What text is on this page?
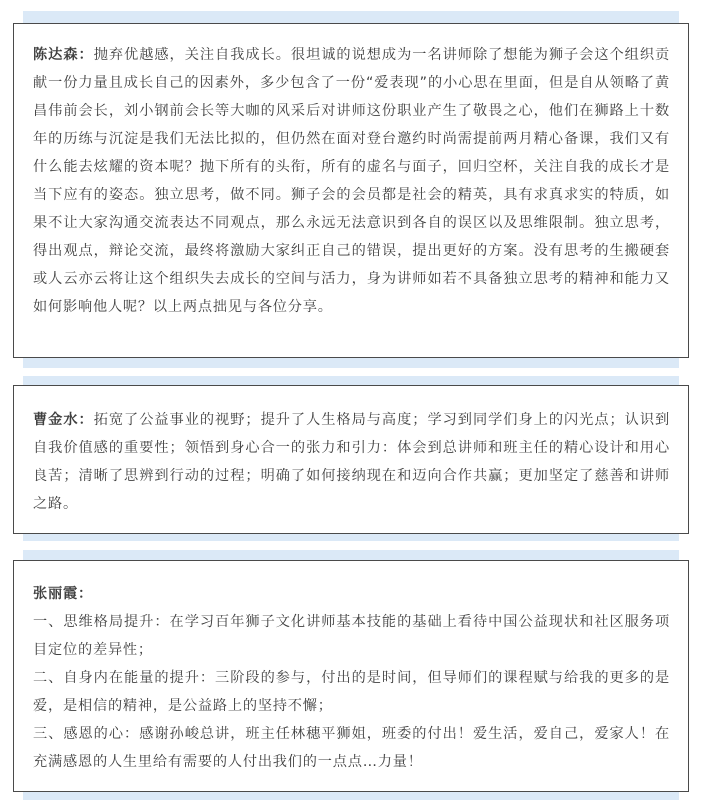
陈达森：抛弃优越感，关注自我成长。很坦诚的说想成为一名讲师除了想能为狮子会这个组织贡献一份力量且成长自己的因素外，多少包含了一份“爱表现”的小心思在里面，但是自从领略了黄昌伟前会长，刘小钢前会长等大咖的风采后对讲师这份职业产生了敬畏之心，他们在狮路上十数年的历练与沉淀是我们无法比拟的，但仍然在面对登台邀约时尚需提前两月精心备课，我们又有什么能去炫耀的资本呢？抛下所有的头衔，所有的虚名与面子，回归空杯，关注自我的成长才是当下应有的姿态。独立思考，做不同。狮子会的会员都是社会的精英，具有求真求实的特质，如果不让大家沟通交流表达不同观点，那么永远无法意识到各自的误区以及思维限制。独立思考，得出观点，辩论交流，最终将激励大家纠正自己的错误，提出更好的方案。没有思考的生搬硬套或人云亦云将让这个组织失去成长的空间与活力，身为讲师如若不具备独立思考的精神和能力又如何影响他人呢？以上两点拙见与各位分享。

曹金水：拓宽了公益事业的视野；提升了人生格局与高度；学习到同学们身上的闪光点；认识到自我价值感的重要性；领悟到身心合一的张力和引力：体会到总讲师和班主任的精心设计和用心良苦；清晰了思辨到行动的过程；明确了如何接纳现在和迈向合作共赢；更加坚定了慈善和讲师之路。

张丽霞：
一、思维格局提升：在学习百年狮子文化讲师基本技能的基础上看待中国公益现状和社区服务项目定位的差异性；
二、自身内在能量的提升：三阶段的参与，付出的是时间，但导师们的课程赋与给我的更多的是爱，是相信的精神，是公益路上的坚持不懈；
三、感恩的心：感谢孙峻总讲，班主任林穗平狮姐，班委的付出！爱生活，爱自己，爱家人！在充满感恩的人生里给有需要的人付出我们的一点点…力量！
